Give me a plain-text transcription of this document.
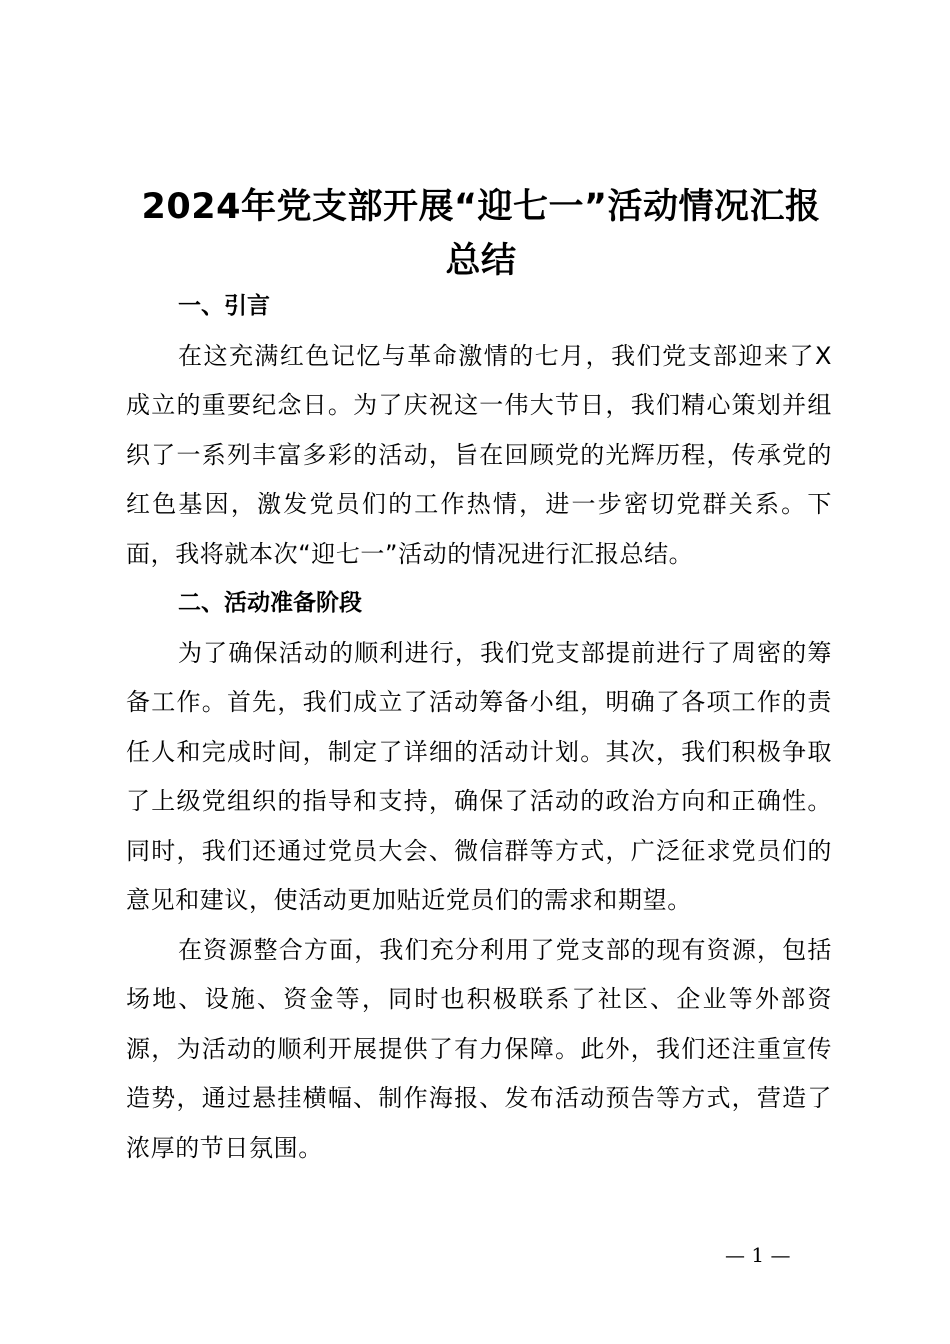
2024年党支部开展“迎七一”活动情况汇报总结
一、引言

在这充满红色记忆与革命激情的七月，我们党支部迎来了X成立的重要纪念日。为了庆祝这一伟大节日，我们精心策划并组织了一系列丰富多彩的活动，旨在回顾党的光辉历程，传承党的红色基因，激发党员们的工作热情，进一步密切党群关系。下面，我将就本次“迎七一”活动的情况进行汇报总结。

二、活动准备阶段

为了确保活动的顺利进行，我们党支部提前进行了周密的筹备工作。首先，我们成立了活动筹备小组，明确了各项工作的责任人和完成时间，制定了详细的活动计划。其次，我们积极争取了上级党组织的指导和支持，确保了活动的政治方向和正确性。同时，我们还通过党员大会、微信群等方式，广泛征求党员们的意见和建议，使活动更加贴近党员们的需求和期望。

在资源整合方面，我们充分利用了党支部的现有资源，包括场地、设施、资金等，同时也积极联系了社区、企业等外部资源，为活动的顺利开展提供了有力保障。此外，我们还注重宣传造势，通过悬挂横幅、制作海报、发布活动预告等方式，营造了浓厚的节日氛围。

— 1 —
